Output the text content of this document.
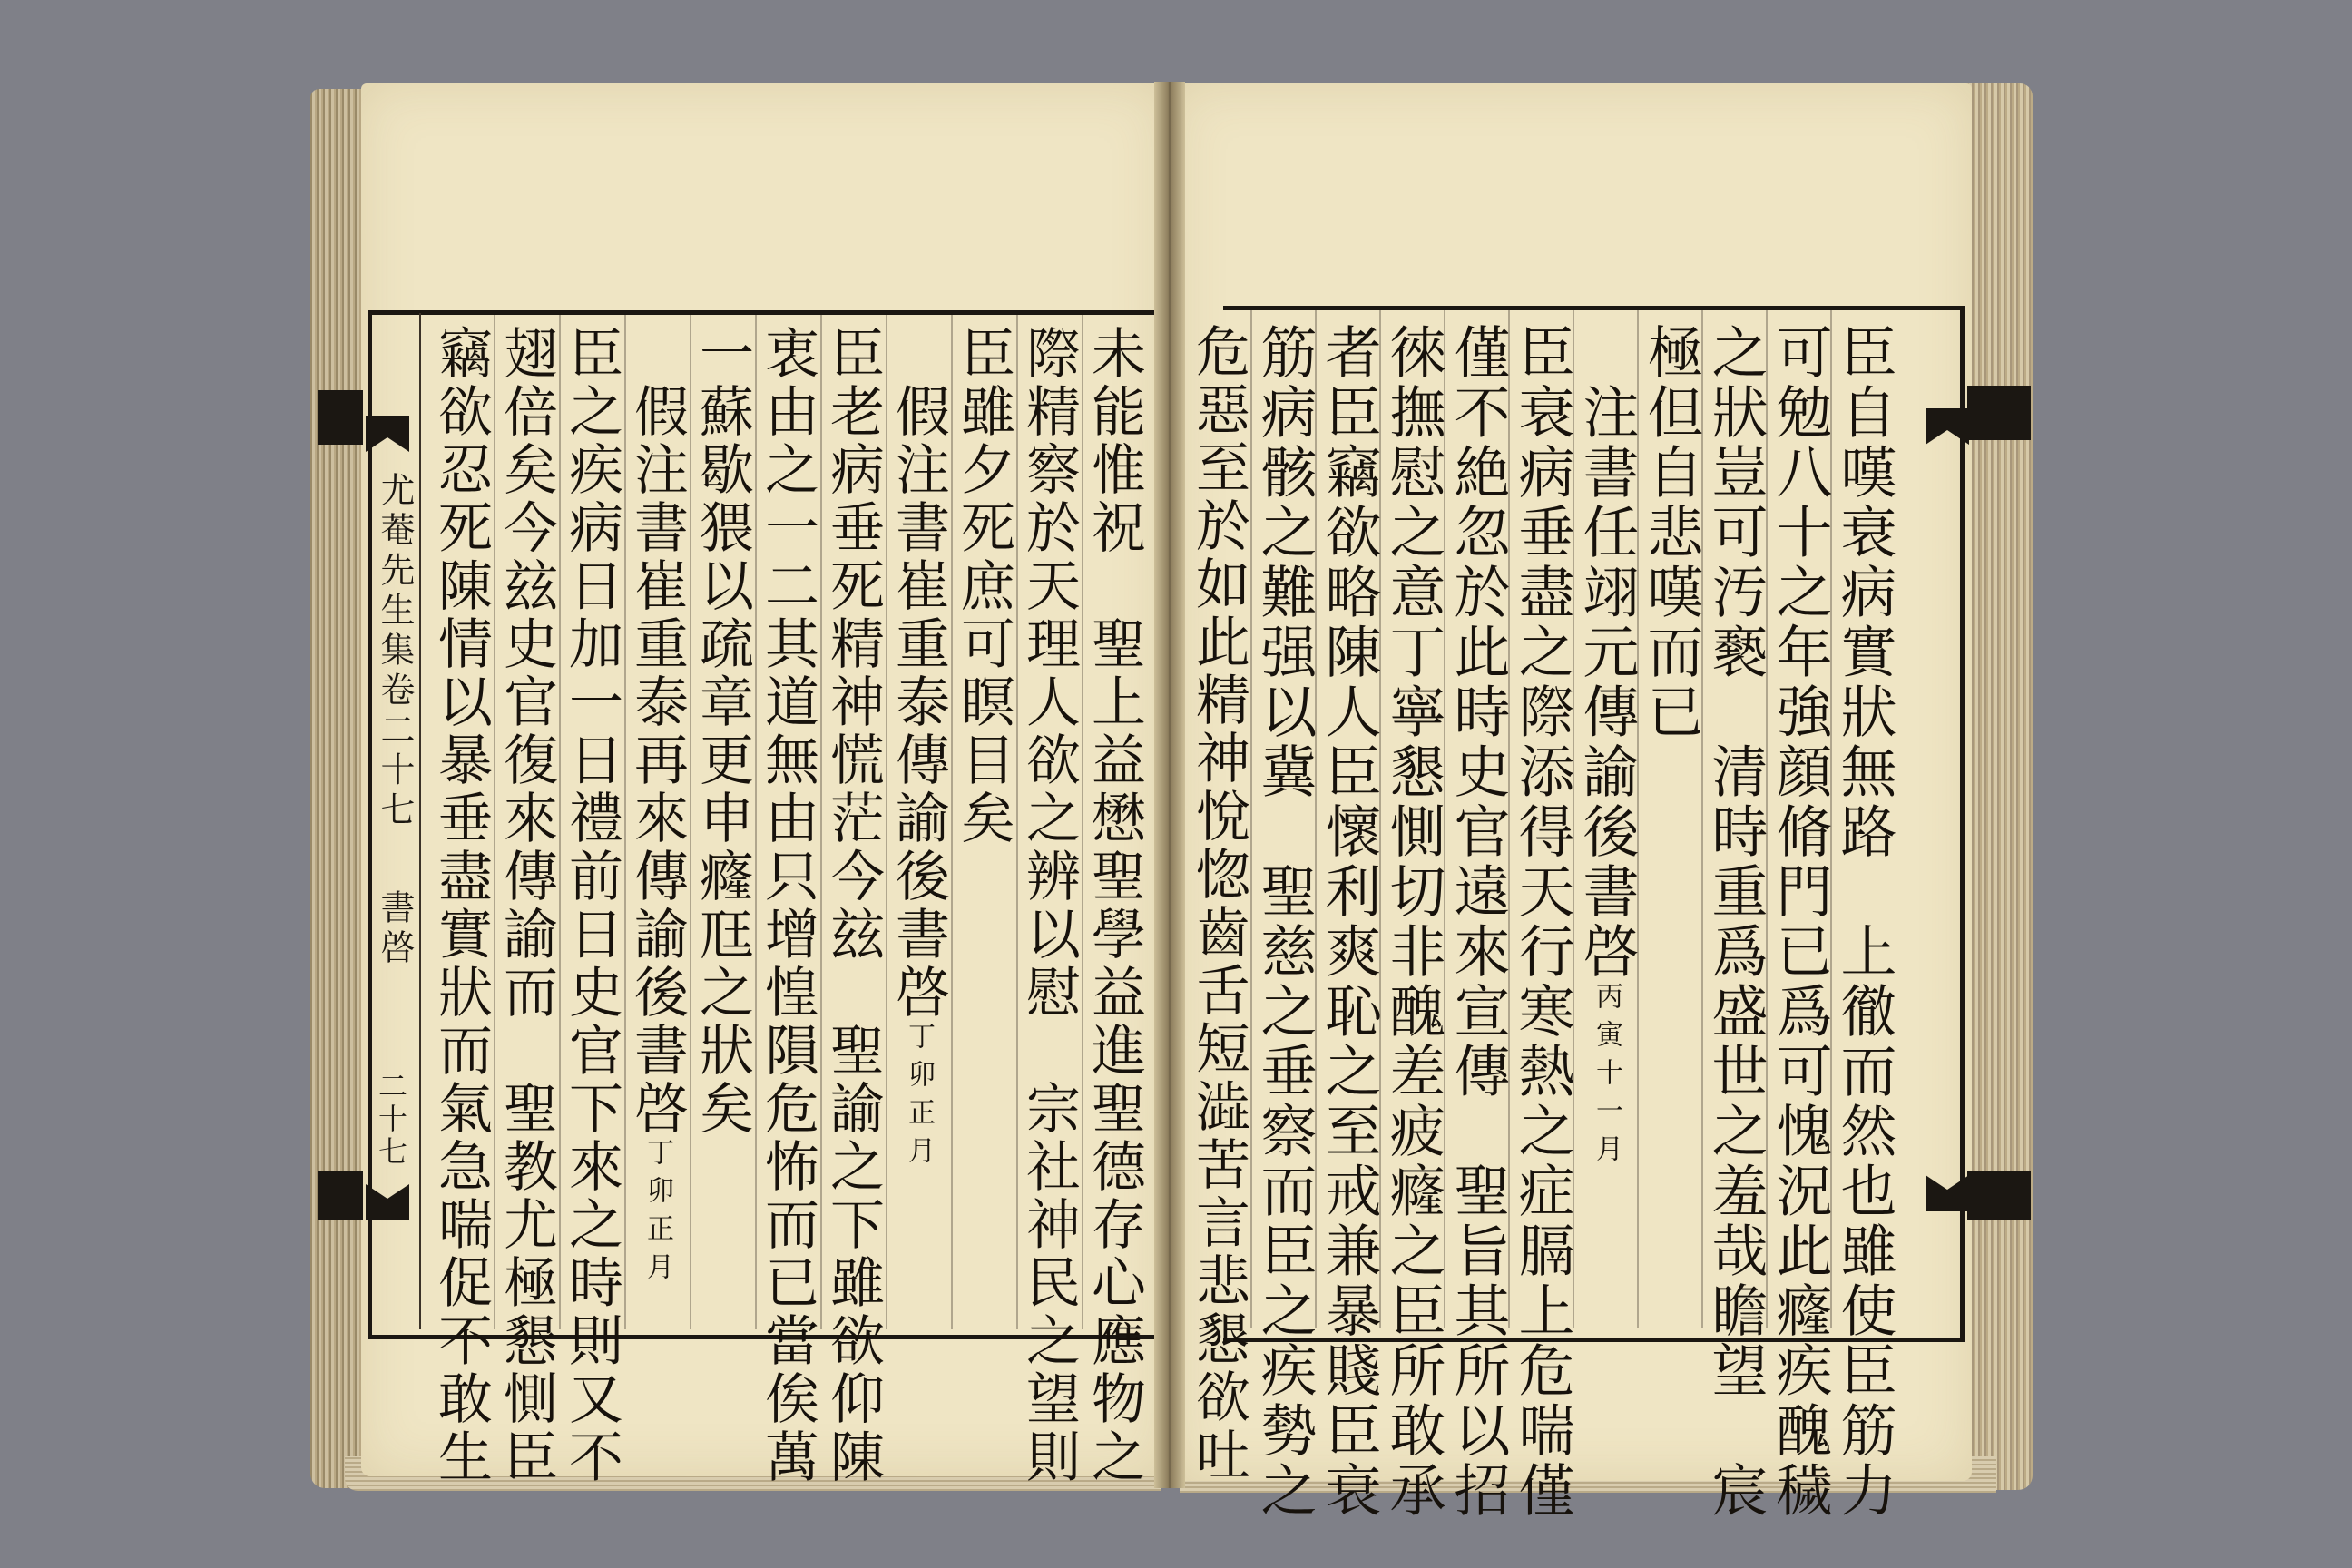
尤菴先生集卷二十七
書啓
二十七	未能惟祝　聖上益懋聖學益進聖德存心應物之
際精察於天理人欲之辨以慰　宗社神民之望則
臣雖夕死庶可瞑目矣
　假注書崔重泰傳諭後書啓丁卯正月
臣老病垂死精神慌茫今玆　聖諭之下雖欲仰陳
衷由之一二其道無由只增惶隕危怖而已當俟萬
一蘇歇猥以疏章更申癃尫之狀矣
　假注書崔重泰再來傳諭後書啓丁卯正月
臣之疾病日加一日禮前日史官下來之時則又不
翅倍矣今玆史官復來傳諭而　聖教尤極懇惻臣
竊欲忍死陳情以暴垂盡實狀而氣急喘促不敢生	臣自嘆衰病實狀無路　上徹而然也雖使臣筋力
可勉八十之年強顔脩門已爲可愧況此癃疾醜穢
之狀豈可汚褻　清時重爲盛世之羞哉瞻望　宸
極但自悲嘆而已
　注書任翊元傳諭後書啓丙寅十一月
臣衰病垂盡之際添得天行寒熱之症膈上危喘僅
僅不絶忽於此時史官遠來宣傳　聖旨其所以招
徠撫慰之意丁寧懇惻切非醜差疲癃之臣所敢承
者臣竊欲略陳人臣懷利爽恥之至戒兼暴賤臣衰
筋病骸之難强以冀　聖慈之垂察而臣之疾勢之
危惡至於如此精神悅惚齒舌短澁苦言悲懇欲吐
